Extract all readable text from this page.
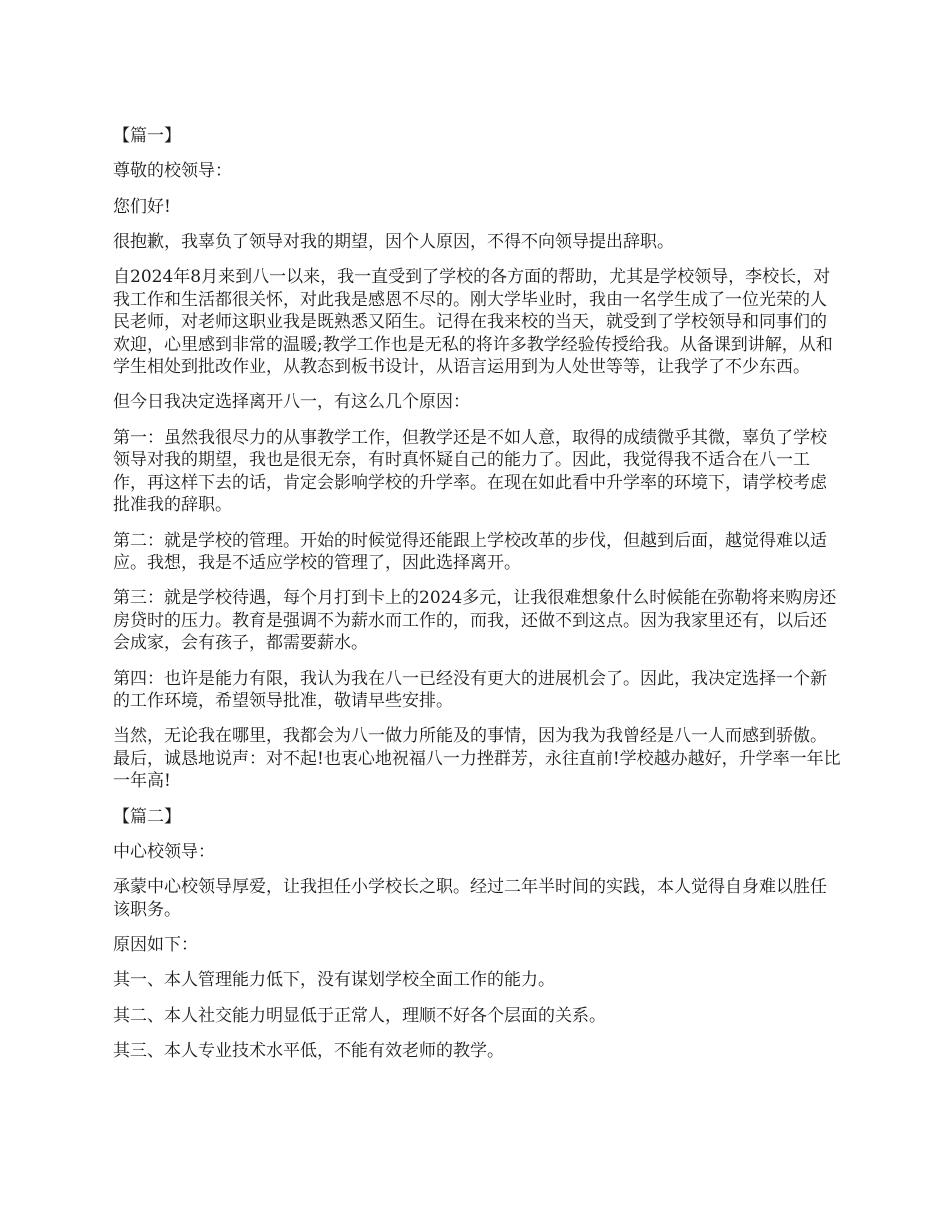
【篇一】

尊敬的校领导：

您们好!

很抱歉，我辜负了领导对我的期望，因个人原因，不得不向领导提出辞职。

自2024年8月来到八一以来，我一直受到了学校的各方面的帮助，尤其是学校领导，李校长，对我工作和生活都很关怀，对此我是感恩不尽的。刚大学毕业时，我由一名学生成了一位光荣的人民老师，对老师这职业我是既熟悉又陌生。记得在我来校的当天，就受到了学校领导和同事们的欢迎，心里感到非常的温暖;教学工作也是无私的将许多教学经验传授给我。从备课到讲解，从和学生相处到批改作业，从教态到板书设计，从语言运用到为人处世等等，让我学了不少东西。

但今日我决定选择离开八一，有这么几个原因：

第一：虽然我很尽力的从事教学工作，但教学还是不如人意，取得的成绩微乎其微，辜负了学校领导对我的期望，我也是很无奈，有时真怀疑自己的能力了。因此，我觉得我不适合在八一工作，再这样下去的话，肯定会影响学校的升学率。在现在如此看中升学率的环境下，请学校考虑批准我的辞职。

第二：就是学校的管理。开始的时候觉得还能跟上学校改革的步伐，但越到后面，越觉得难以适应。我想，我是不适应学校的管理了，因此选择离开。

第三：就是学校待遇，每个月打到卡上的2024多元，让我很难想象什么时候能在弥勒将来购房还房贷时的压力。教育是强调不为薪水而工作的，而我，还做不到这点。因为我家里还有，以后还会成家，会有孩子，都需要薪水。

第四：也许是能力有限，我认为我在八一已经没有更大的进展机会了。因此，我决定选择一个新的工作环境，希望领导批准，敬请早些安排。

当然，无论我在哪里，我都会为八一做力所能及的事情，因为我为我曾经是八一人而感到骄傲。最后，诚恳地说声：对不起!也衷心地祝福八一力挫群芳，永往直前!学校越办越好，升学率一年比一年高!

【篇二】

中心校领导：

承蒙中心校领导厚爱，让我担任小学校长之职。经过二年半时间的实践，本人觉得自身难以胜任该职务。

原因如下：

其一、本人管理能力低下，没有谋划学校全面工作的能力。

其二、本人社交能力明显低于正常人，理顺不好各个层面的关系。

其三、本人专业技术水平低，不能有效老师的教学。
